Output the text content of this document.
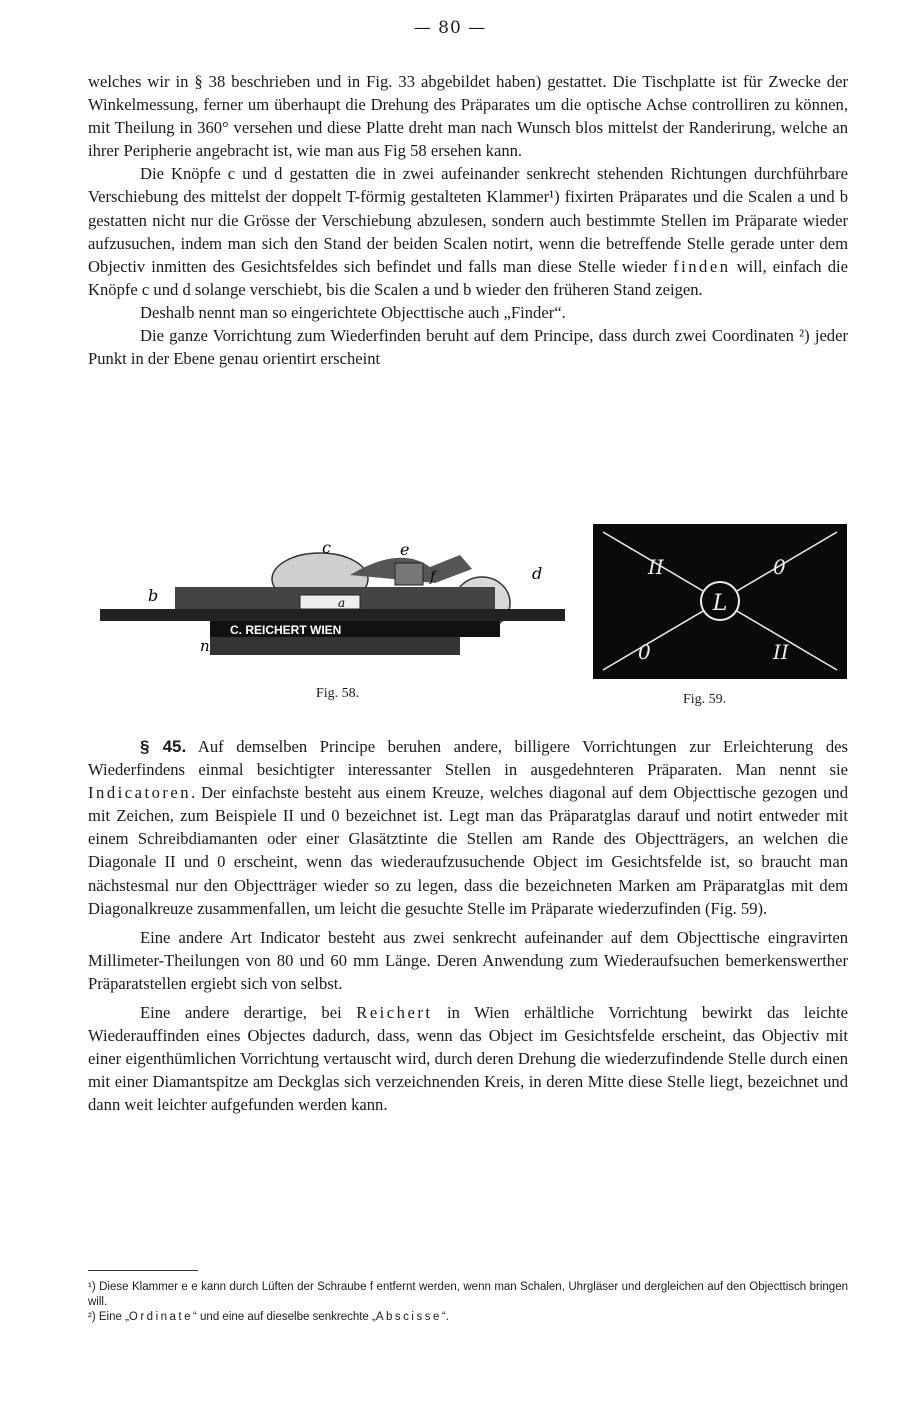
— 80 —

welches wir in § 38 beschrieben und in Fig. 33 abgebildet haben) gestattet. Die Tischplatte ist für Zwecke der Winkelmessung, ferner um überhaupt die Drehung des Präparates um die optische Achse controlliren zu können, mit Theilung in 360° versehen und diese Platte dreht man nach Wunsch blos mittelst der Randerirung, welche an ihrer Peripherie angebracht ist, wie man aus Fig 58 ersehen kann.

Die Knöpfe c und d gestatten die in zwei aufeinander senkrecht stehenden Richtungen durchführbare Verschiebung des mittelst der doppelt T-förmig gestalteten Klammer¹) fixirten Präparates und die Scalen a und b gestatten nicht nur die Grösse der Verschiebung abzulesen, sondern auch bestimmte Stellen im Präparate wieder aufzusuchen, indem man sich den Stand der beiden Scalen notirt, wenn die betreffende Stelle gerade unter dem Objectiv inmitten des Gesichtsfeldes sich befindet und falls man diese Stelle wieder finden will, einfach die Knöpfe c und d solange verschiebt, bis die Scalen a und b wieder den früheren Stand zeigen.

Deshalb nennt man so eingerichtete Objecttische auch „Finder“.

Die ganze Vorrichtung zum Wiederfinden beruht auf dem Principe, dass durch zwei Coordinaten ²) jeder Punkt in der Ebene genau orientirt erscheint

C. REICHERT WIEN
c	e
d
b	a
f
n
Fig. 58.
L
II	0
0	II
Fig. 59.

§ 45. Auf demselben Principe beruhen andere, billigere Vorrichtungen zur Erleichterung des Wiederfindens einmal besichtigter interessanter Stellen in ausgedehnteren Präparaten. Man nennt sie Indicatoren. Der einfachste besteht aus einem Kreuze, welches diagonal auf dem Objecttische gezogen und mit Zeichen, zum Beispiele II und 0 bezeichnet ist. Legt man das Präparatglas darauf und notirt entweder mit einem Schreibdiamanten oder einer Glasätztinte die Stellen am Rande des Objectträgers, an welchen die Diagonale II und 0 erscheint, wenn das wiederaufzusuchende Object im Gesichtsfelde ist, so braucht man nächstesmal nur den Objectträger wieder so zu legen, dass die bezeichneten Marken am Präparatglas mit dem Diagonalkreuze zusammenfallen, um leicht die gesuchte Stelle im Präparate wiederzufinden (Fig. 59).

Eine andere Art Indicator besteht aus zwei senkrecht aufeinander auf dem Objecttische eingravirten Millimeter-Theilungen von 80 und 60 mm Länge. Deren Anwendung zum Wiederaufsuchen bemerkenswerther Präparatstellen ergiebt sich von selbst.

Eine andere derartige, bei Reichert in Wien erhältliche Vorrichtung bewirkt das leichte Wiederauffinden eines Objectes dadurch, dass, wenn das Object im Gesichtsfelde erscheint, das Objectiv mit einer eigenthümlichen Vorrichtung vertauscht wird, durch deren Drehung die wiederzufindende Stelle durch einen mit einer Diamantspitze am Deckglas sich verzeichnenden Kreis, in deren Mitte diese Stelle liegt, bezeichnet und dann weit leichter aufgefunden werden kann.

¹) Diese Klammer e e kann durch Lüften der Schraube f entfernt werden, wenn man Schalen, Uhrgläser und dergleichen auf den Objecttisch bringen will.

²) Eine „Ordinate“ und eine auf dieselbe senkrechte „Abscisse“.
